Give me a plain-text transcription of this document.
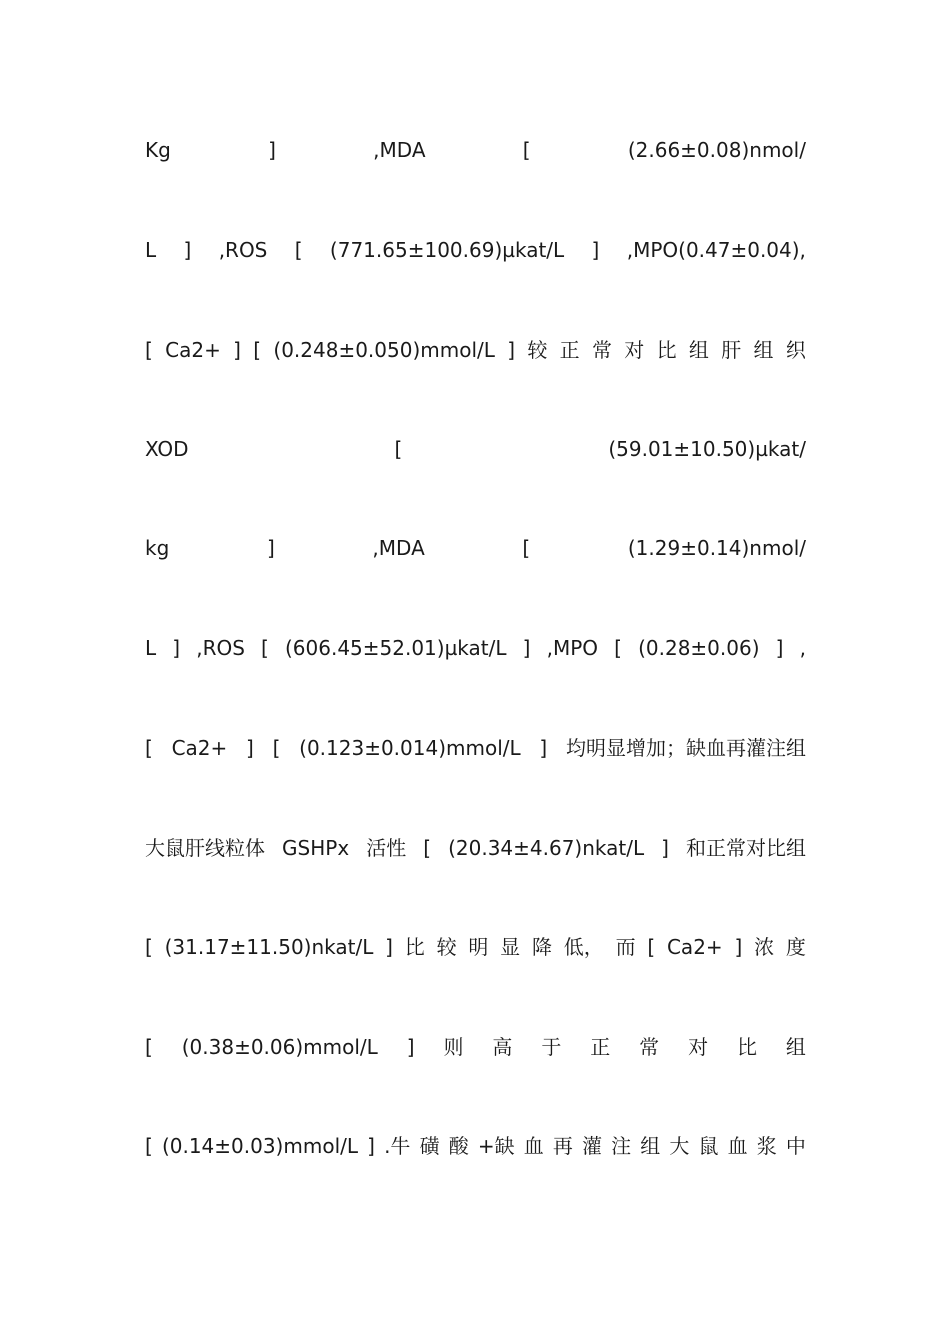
Kg	]	,MDA	[	(2.66±0.08)nmol/
L ] ,ROS [ (771.65±100.69)µkat/L ] ,MPO(0.47±0.04),
[ Ca2+ ] [ (0.248±0.050)mmol/L ] 较 正 常 对 比 组 肝 组 织
XOD	[	(59.01±10.50)µkat/
kg	]	,MDA	[	(1.29±0.14)nmol/
L ] ,ROS [ (606.45±52.01)µkat/L ] ,MPO [ (0.28±0.06) ] ,
[ Ca2+ ] [ (0.123±0.014)mmol/L ] 均明显增加；缺血再灌注组
大鼠肝线粒体 GSHPx 活性 [ (20.34±4.67)nkat/L ] 和正常对比组
[ (31.17±11.50)nkat/L ] 比 较 明 显 降 低， 而 [ Ca2+ ] 浓 度
[ (0.38±0.06)mmol/L ] 则 高 于 正 常 对 比 组
[ (0.14±0.03)mmol/L ] .牛 磺 酸 +缺 血 再 灌 注 组 大 鼠 血 浆 中
